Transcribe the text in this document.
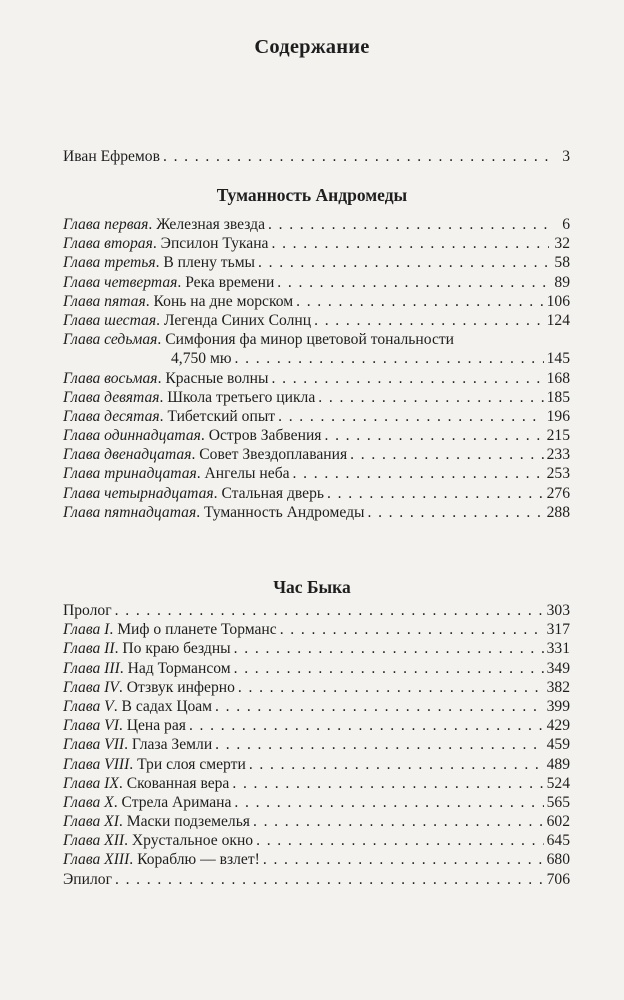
Содержание
Иван Ефремов . . .	3
Туманность Андромеды
Глава первая. Железная звезда . . .	6
Глава вторая. Эпсилон Тукана . . .	32
Глава третья. В плену тьмы . . .	58
Глава четвертая. Река времени . . .	89
Глава пятая. Конь на дне морском . . .	106
Глава шестая. Легенда Синих Солнц . . .	124
Глава седьмая. Симфония фа минор цветовой тональности
4,750 мю . . .	145
Глава восьмая. Красные волны . . .	168
Глава девятая. Школа третьего цикла . . .	185
Глава десятая. Тибетский опыт . . .	196
Глава одиннадцатая. Остров Забвения . . .	215
Глава двенадцатая. Совет Звездоплавания . . .	233
Глава тринадцатая. Ангелы неба . . .	253
Глава четырнадцатая. Стальная дверь . . .	276
Глава пятнадцатая. Туманность Андромеды . . .	288
Час Быка
Пролог . . .	303
Глава I. Миф о планете Торманс . . .	317
Глава II. По краю бездны . . .	331
Глава III. Над Тормансом . . .	349
Глава IV. Отзвук инферно . . .	382
Глава V. В садах Цоам . . .	399
Глава VI. Цена рая . . .	429
Глава VII. Глаза Земли . . .	459
Глава VIII. Три слоя смерти . . .	489
Глава IX. Скованная вера . . .	524
Глава X. Стрела Аримана . . .	565
Глава XI. Маски подземелья . . .	602
Глава XII. Хрустальное окно . . .	645
Глава XIII. Кораблю — взлет! . . .	680
Эпилог . . .	706
